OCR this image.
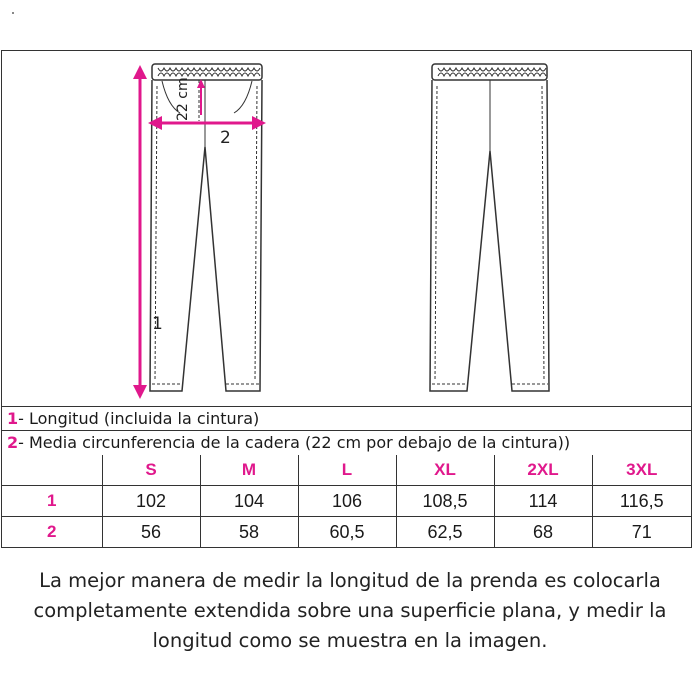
22 cm
2
1
1- Longitud (incluida la cintura)
2- Media circunferencia de la cadera (22 cm por debajo de la cintura))
	S	M	L	XL	2XL	3XL
1	102	104	106	108,5	114	116,5
2	56	58	60,5	62,5	68	71
La mejor manera de medir la longitud de la prenda es colocarla
completamente extendida sobre una superficie plana, y medir la
longitud como se muestra en la imagen.
